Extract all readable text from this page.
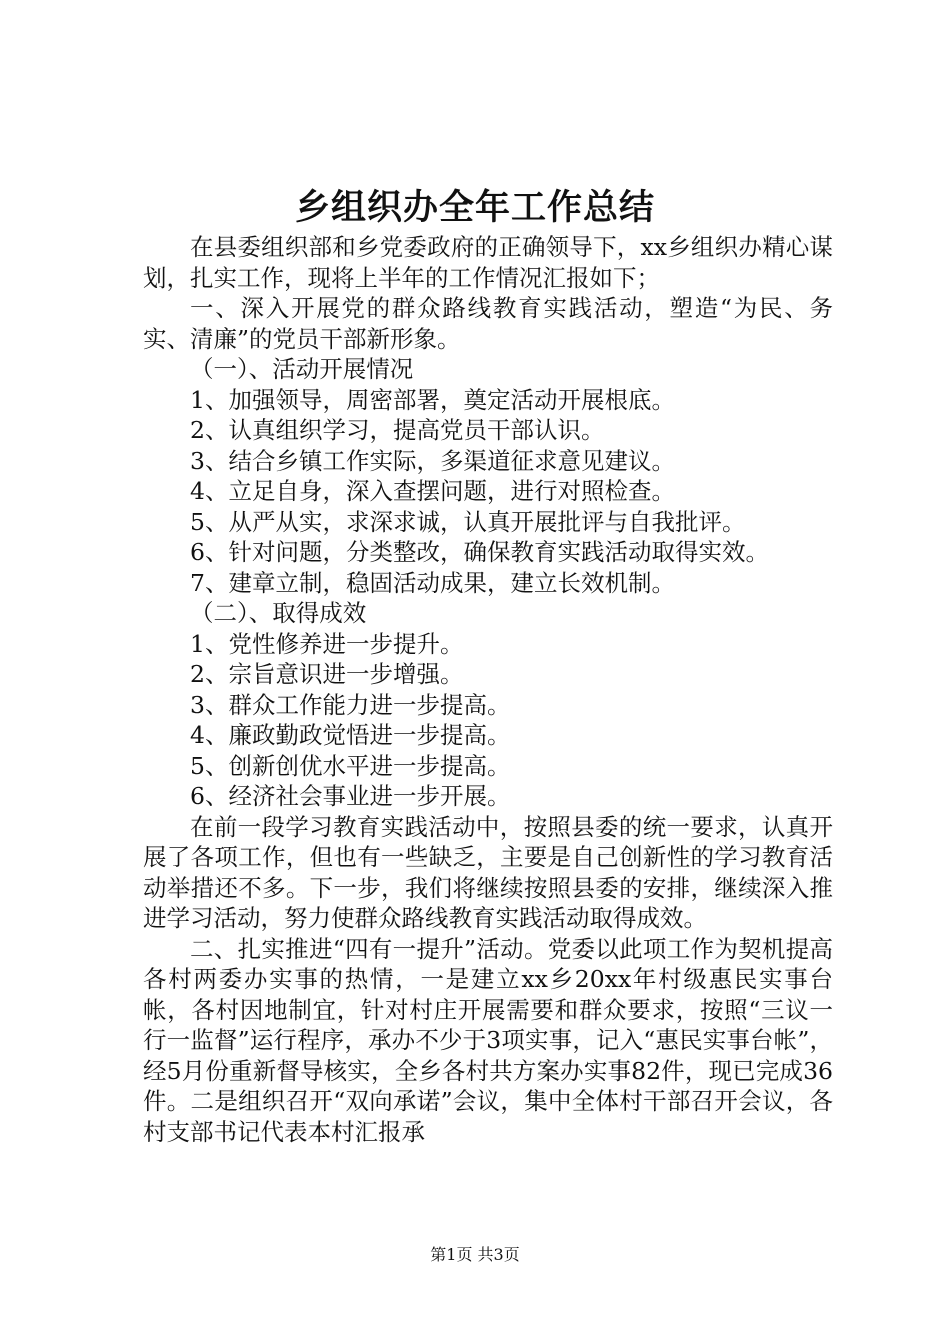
乡组织办全年工作总结

在县委组织部和乡党委政府的正确领导下，xx乡组织办精心谋划，扎实工作，现将上半年的工作情况汇报如下；

一、深入开展党的群众路线教育实践活动，塑造“为民、务实、清廉”的党员干部新形象。

（一）、活动开展情况

1、加强领导，周密部署，奠定活动开展根底。

2、认真组织学习，提高党员干部认识。

3、结合乡镇工作实际，多渠道征求意见建议。

4、立足自身，深入查摆问题，进行对照检查。

5、从严从实，求深求诚，认真开展批评与自我批评。

6、针对问题，分类整改，确保教育实践活动取得实效。

7、建章立制，稳固活动成果，建立长效机制。

（二）、取得成效

1、党性修养进一步提升。

2、宗旨意识进一步增强。

3、群众工作能力进一步提高。

4、廉政勤政觉悟进一步提高。

5、创新创优水平进一步提高。

6、经济社会事业进一步开展。

在前一段学习教育实践活动中，按照县委的统一要求，认真开展了各项工作，但也有一些缺乏，主要是自己创新性的学习教育活动举措还不多。下一步，我们将继续按照县委的安排，继续深入推进学习活动，努力使群众路线教育实践活动取得成效。

二、扎实推进“四有一提升”活动。党委以此项工作为契机提高各村两委办实事的热情，一是建立xx乡20xx年村级惠民实事台帐，各村因地制宜，针对村庄开展需要和群众要求，按照“三议一行一监督”运行程序，承办不少于3项实事，记入“惠民实事台帐”，经5月份重新督导核实，全乡各村共方案办实事82件，现已完成36件。二是组织召开“双向承诺”会议，集中全体村干部召开会议，各村支部书记代表本村汇报承

第1页 共3页
